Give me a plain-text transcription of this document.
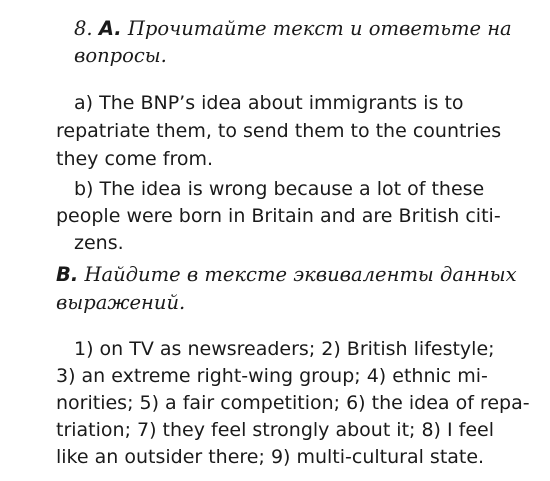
8. A. Прочитайте текст и ответьте на
вопросы.
a) The BNP’s idea about immigrants is to
repatriate them, to send them to the countries
they come from.
b) The idea is wrong because a lot of these
people were born in Britain and are British citi-
zens.
B. Найдите в тексте эквиваленты данных
выражений.
1) on TV as newsreaders; 2) British lifestyle;
3) an extreme right-wing group; 4) ethnic mi-
norities; 5) a fair competition; 6) the idea of repa-
triation; 7) they feel strongly about it; 8) I feel
like an outsider there; 9) multi-cultural state.
